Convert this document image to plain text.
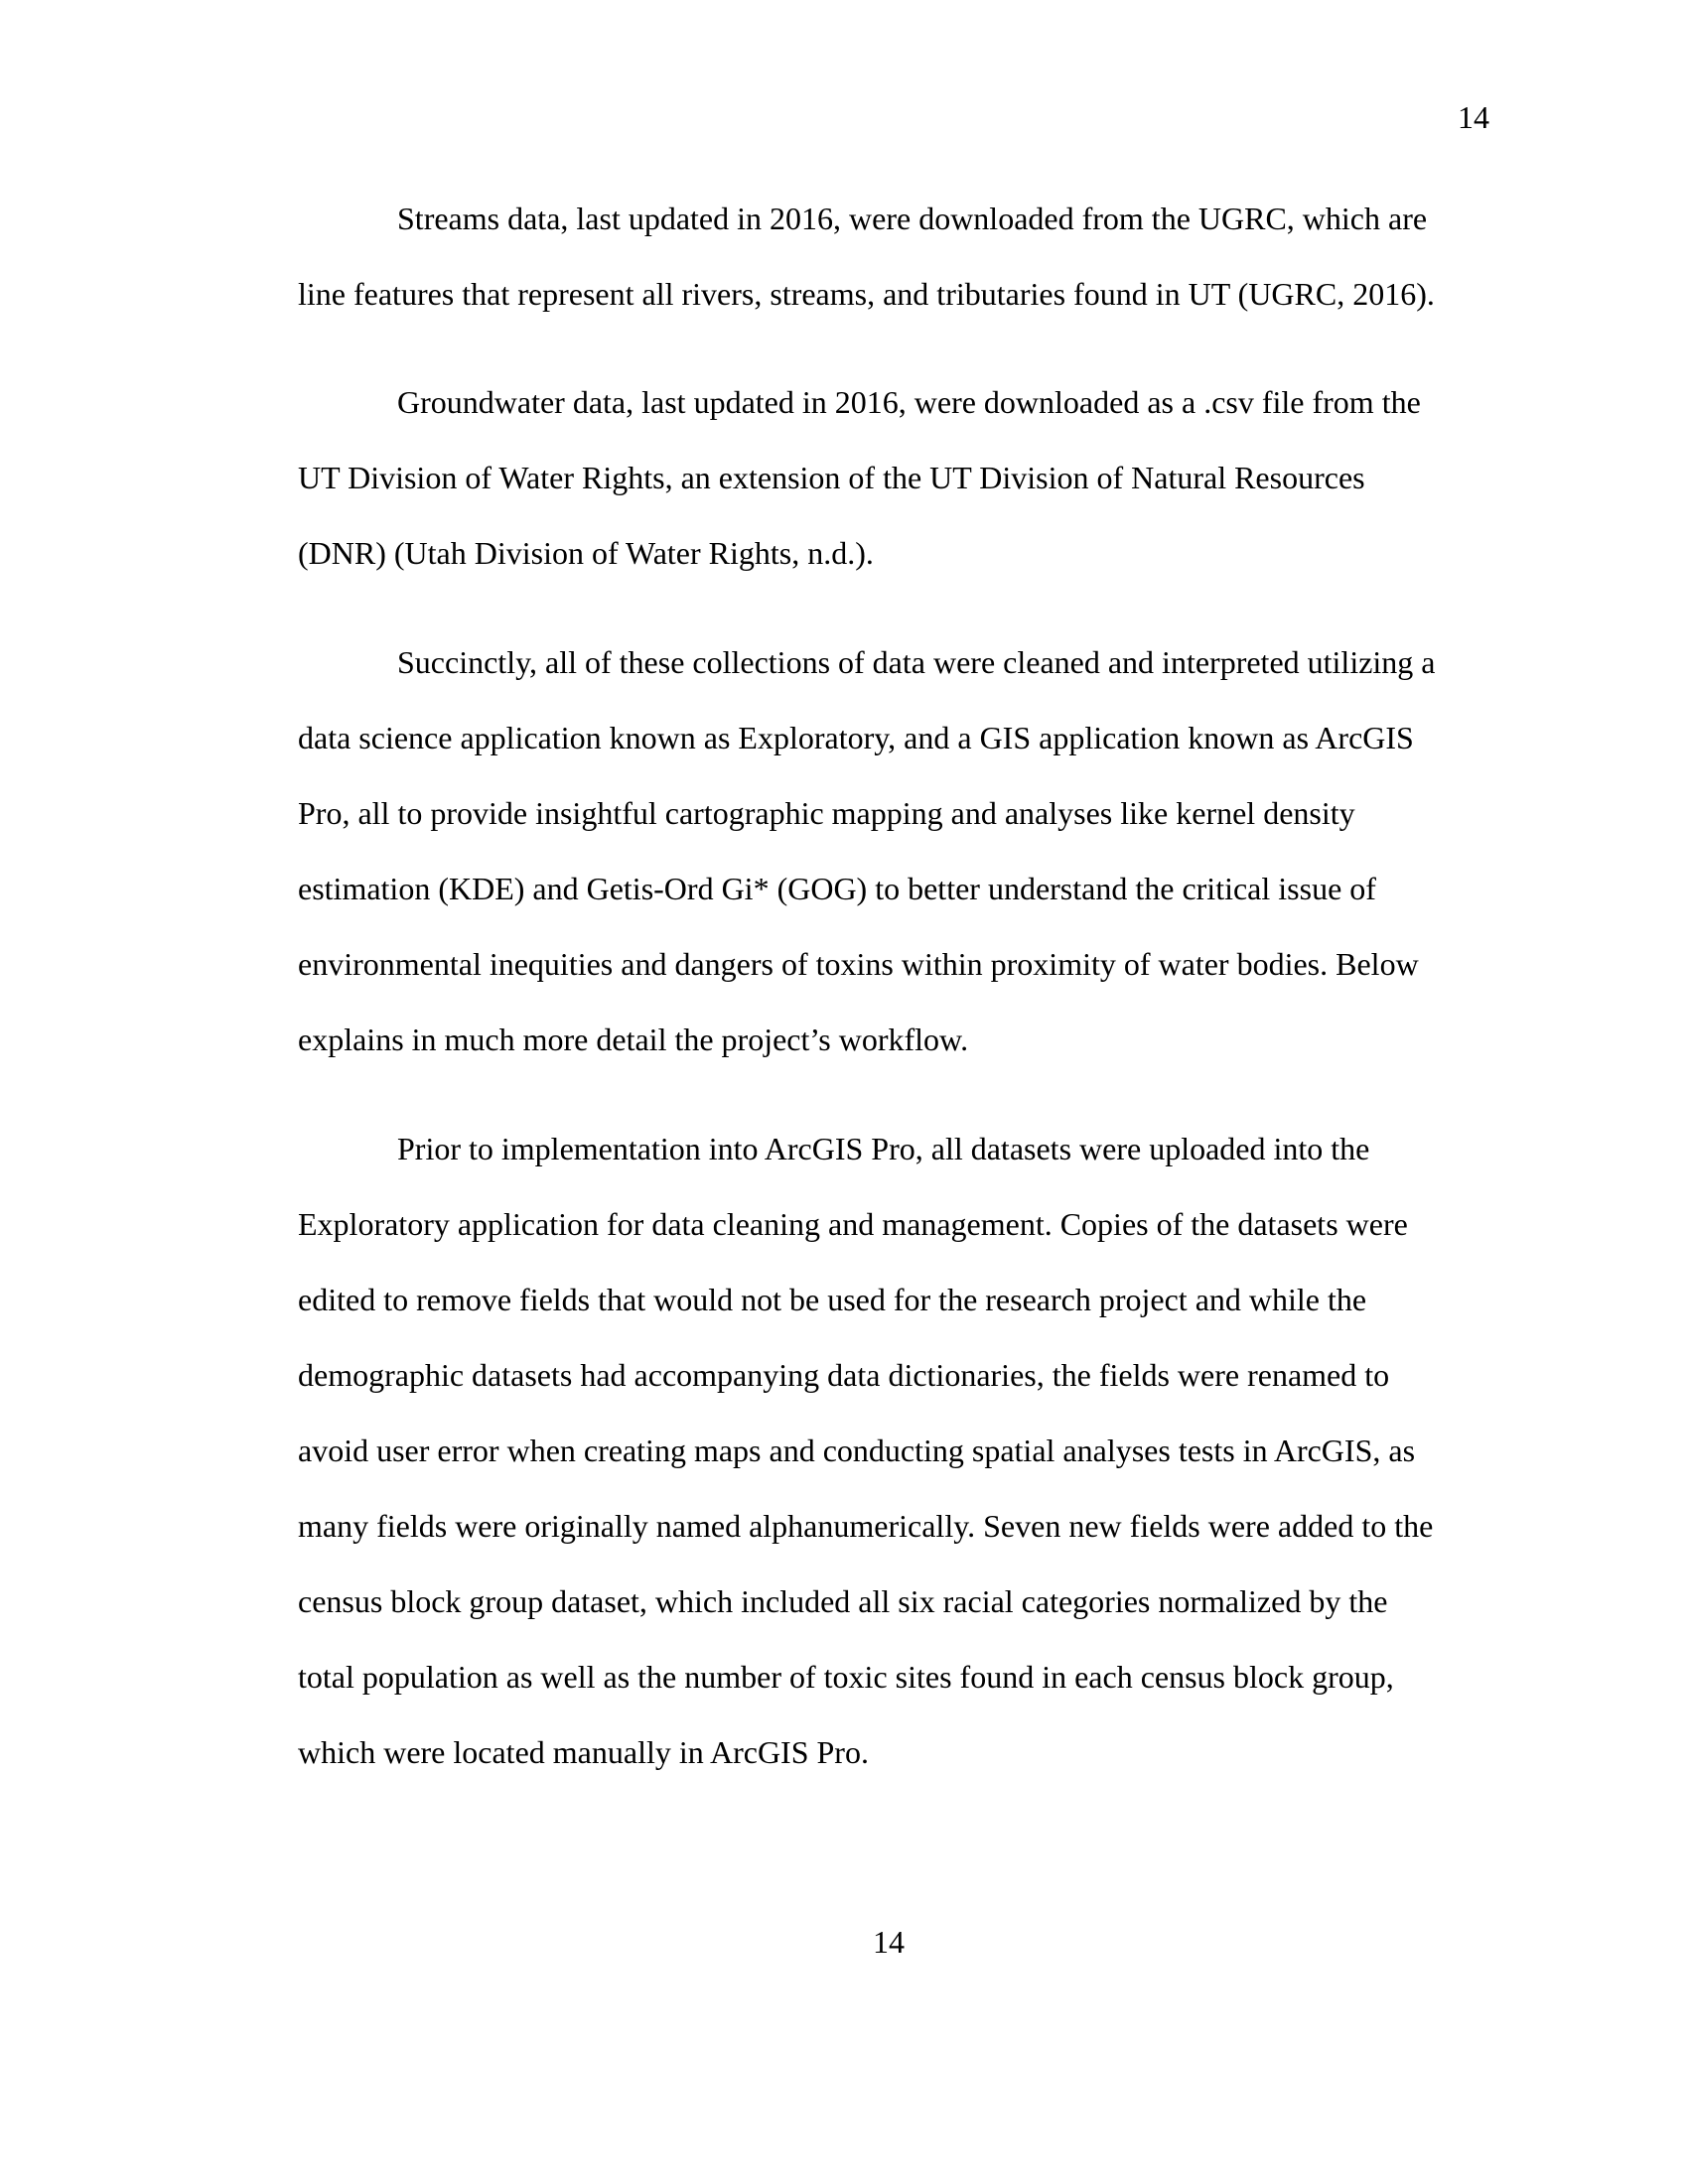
14
Streams data, last updated in 2016, were downloaded from the UGRC, which are
line features that represent all rivers, streams, and tributaries found in UT (UGRC, 2016).
Groundwater data, last updated in 2016, were downloaded as a .csv file from the
UT Division of Water Rights, an extension of the UT Division of Natural Resources
(DNR) (Utah Division of Water Rights, n.d.).
Succinctly, all of these collections of data were cleaned and interpreted utilizing a
data science application known as Exploratory, and a GIS application known as ArcGIS
Pro, all to provide insightful cartographic mapping and analyses like kernel density
estimation (KDE) and Getis-Ord Gi* (GOG) to better understand the critical issue of
environmental inequities and dangers of toxins within proximity of water bodies. Below
explains in much more detail the project’s workflow.
Prior to implementation into ArcGIS Pro, all datasets were uploaded into the
Exploratory application for data cleaning and management. Copies of the datasets were
edited to remove fields that would not be used for the research project and while the
demographic datasets had accompanying data dictionaries, the fields were renamed to
avoid user error when creating maps and conducting spatial analyses tests in ArcGIS, as
many fields were originally named alphanumerically. Seven new fields were added to the
census block group dataset, which included all six racial categories normalized by the
total population as well as the number of toxic sites found in each census block group,
which were located manually in ArcGIS Pro.
14
